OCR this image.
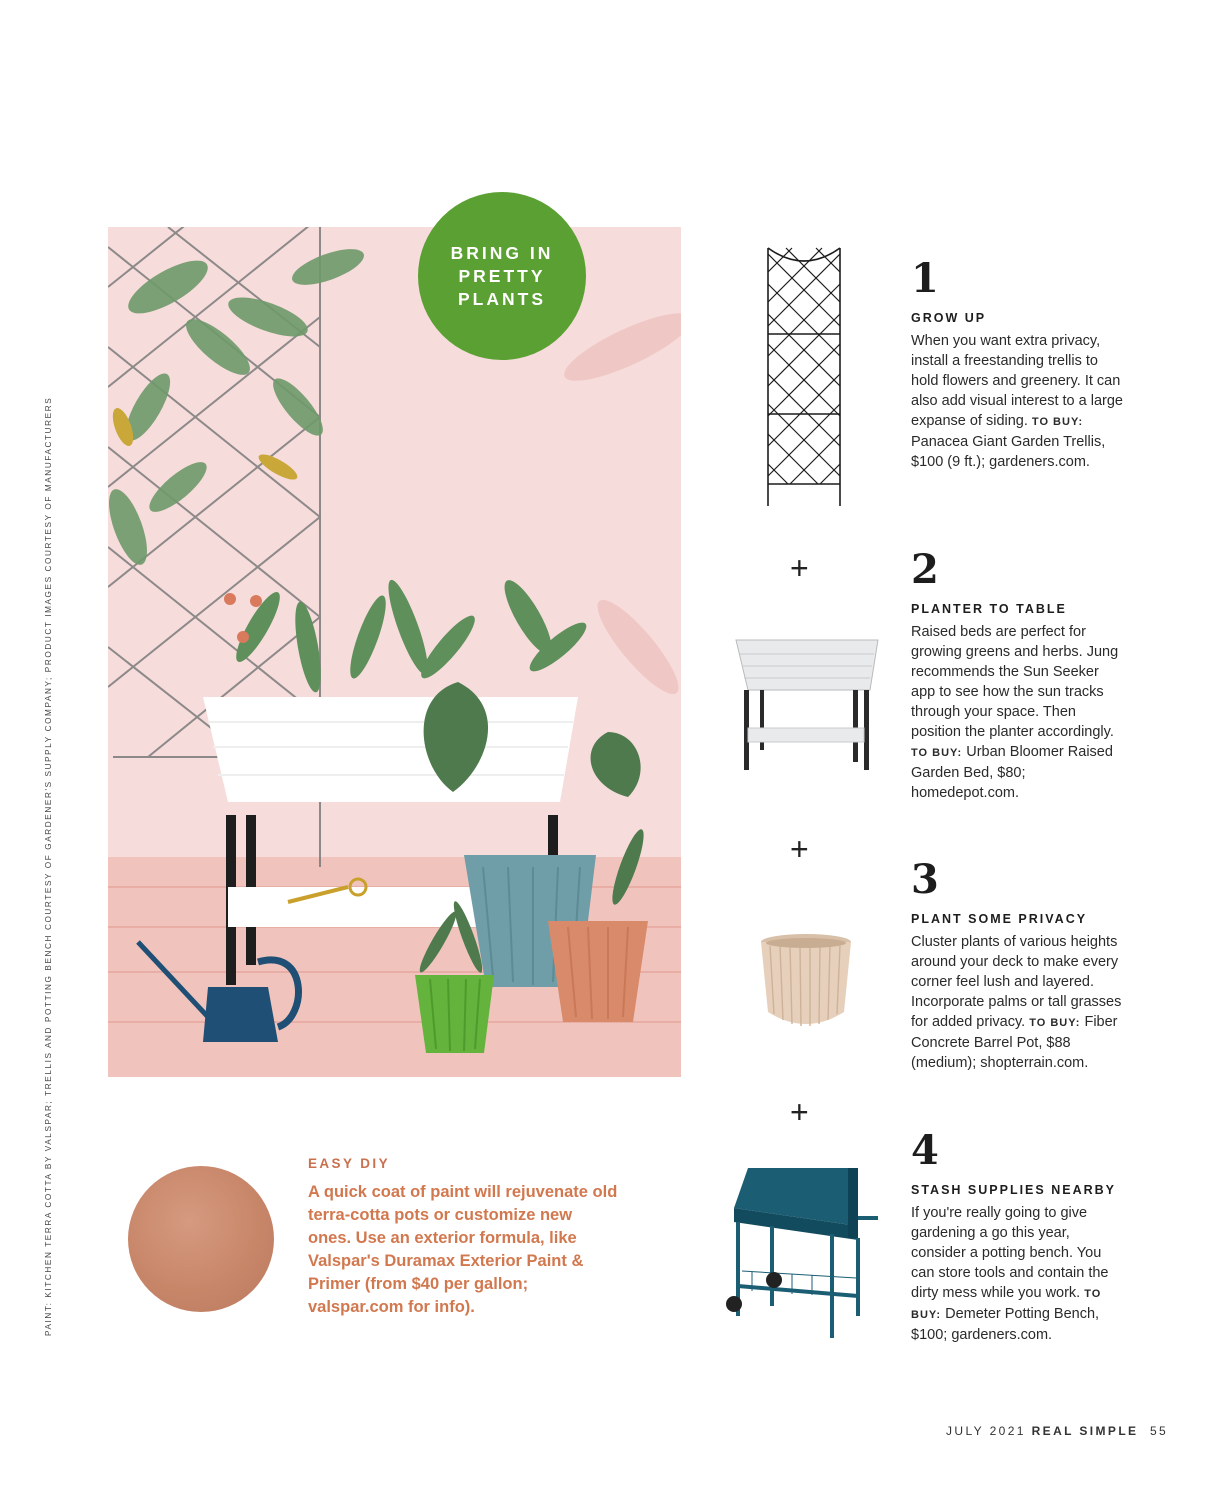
PAINT: KITCHEN TERRA COTTA BY VALSPAR; TRELLIS AND POTTING BENCH COURTESY OF GARDENER'S SUPPLY COMPANY; PRODUCT IMAGES COURTESY OF MANUFACTURERS
BRING IN PRETTY PLANTS
+
+
+
1
GROW UP
When you want extra privacy, install a freestanding trellis to hold flowers and greenery. It can also add visual interest to a large expanse of siding. TO BUY: Panacea Giant Garden Trellis, $100 (9 ft.); gardeners.com.
2
PLANTER TO TABLE
Raised beds are perfect for growing greens and herbs. Jung recommends the Sun Seeker app to see how the sun tracks through your space. Then position the planter accordingly. TO BUY: Urban Bloomer Raised Garden Bed, $80; homedepot.com.
3
PLANT SOME PRIVACY
Cluster plants of various heights around your deck to make every corner feel lush and layered. Incorporate palms or tall grasses for added privacy. TO BUY: Fiber Concrete Barrel Pot, $88 (medium); shopterrain.com.
4
STASH SUPPLIES NEARBY
If you're really going to give gardening a go this year, consider a potting bench. You can store tools and contain the dirty mess while you work. TO BUY: Demeter Potting Bench, $100; gardeners.com.
EASY DIY
A quick coat of paint will rejuvenate old terra-cotta pots or customize new ones. Use an exterior formula, like Valspar's Duramax Exterior Paint & Primer (from $40 per gallon; valspar.com for info).
JULY 2021 REAL SIMPLE 55
